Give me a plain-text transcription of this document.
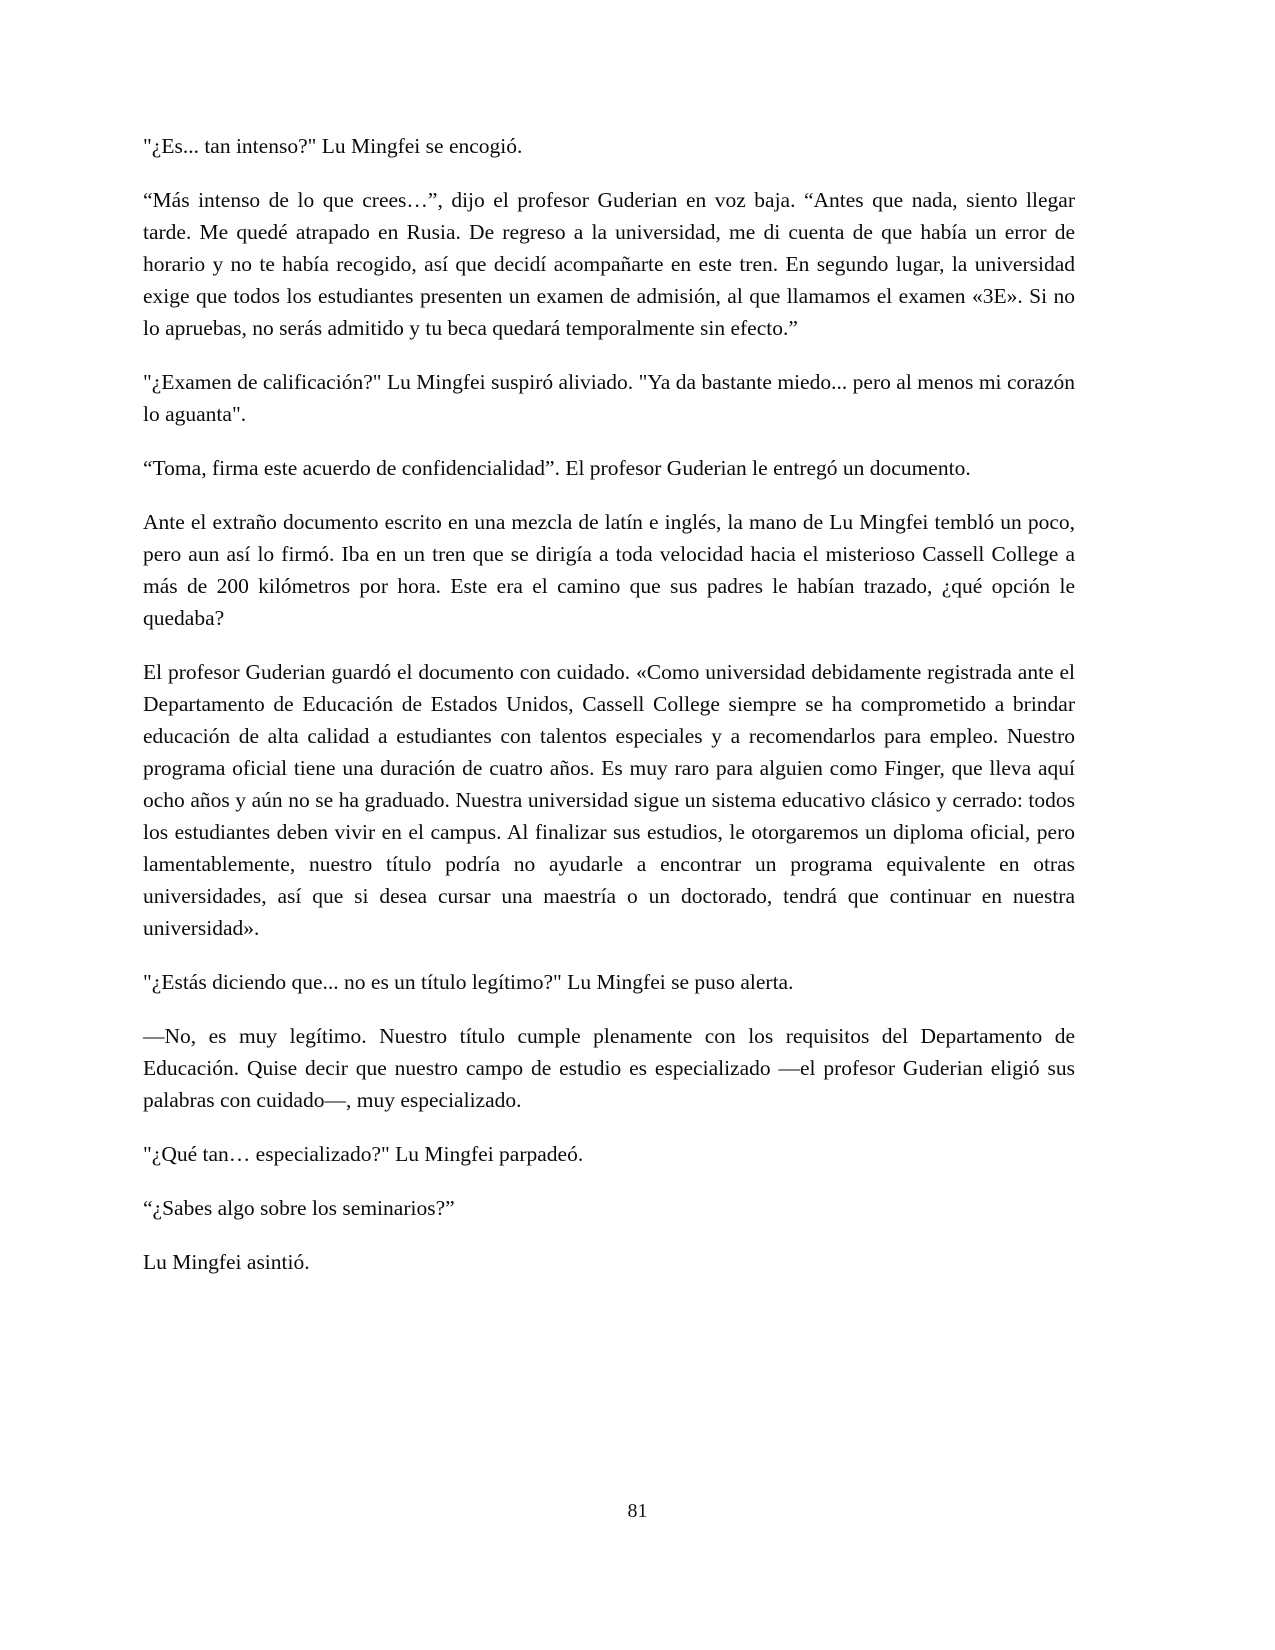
"¿Es... tan intenso?" Lu Mingfei se encogió.

“Más intenso de lo que crees…”, dijo el profesor Guderian en voz baja. “Antes que nada, siento llegar tarde. Me quedé atrapado en Rusia. De regreso a la universidad, me di cuenta de que había un error de horario y no te había recogido, así que decidí acompañarte en este tren. En segundo lugar, la universidad exige que todos los estudiantes presenten un examen de admisión, al que llamamos el examen «3E». Si no lo apruebas, no serás admitido y tu beca quedará temporalmente sin efecto.”

"¿Examen de calificación?" Lu Mingfei suspiró aliviado. "Ya da bastante miedo... pero al menos mi corazón lo aguanta".

“Toma, firma este acuerdo de confidencialidad”. El profesor Guderian le entregó un documento.

Ante el extraño documento escrito en una mezcla de latín e inglés, la mano de Lu Mingfei tembló un poco, pero aun así lo firmó. Iba en un tren que se dirigía a toda velocidad hacia el misterioso Cassell College a más de 200 kilómetros por hora. Este era el camino que sus padres le habían trazado, ¿qué opción le quedaba?

El profesor Guderian guardó el documento con cuidado. «Como universidad debidamente registrada ante el Departamento de Educación de Estados Unidos, Cassell College siempre se ha comprometido a brindar educación de alta calidad a estudiantes con talentos especiales y a recomendarlos para empleo. Nuestro programa oficial tiene una duración de cuatro años. Es muy raro para alguien como Finger, que lleva aquí ocho años y aún no se ha graduado. Nuestra universidad sigue un sistema educativo clásico y cerrado: todos los estudiantes deben vivir en el campus. Al finalizar sus estudios, le otorgaremos un diploma oficial, pero lamentablemente, nuestro título podría no ayudarle a encontrar un programa equivalente en otras universidades, así que si desea cursar una maestría o un doctorado, tendrá que continuar en nuestra universidad».

"¿Estás diciendo que... no es un título legítimo?" Lu Mingfei se puso alerta.

—No, es muy legítimo. Nuestro título cumple plenamente con los requisitos del Departamento de Educación. Quise decir que nuestro campo de estudio es especializado —el profesor Guderian eligió sus palabras con cuidado—, muy especializado.

"¿Qué tan… especializado?" Lu Mingfei parpadeó.

“¿Sabes algo sobre los seminarios?”

Lu Mingfei asintió.

81
